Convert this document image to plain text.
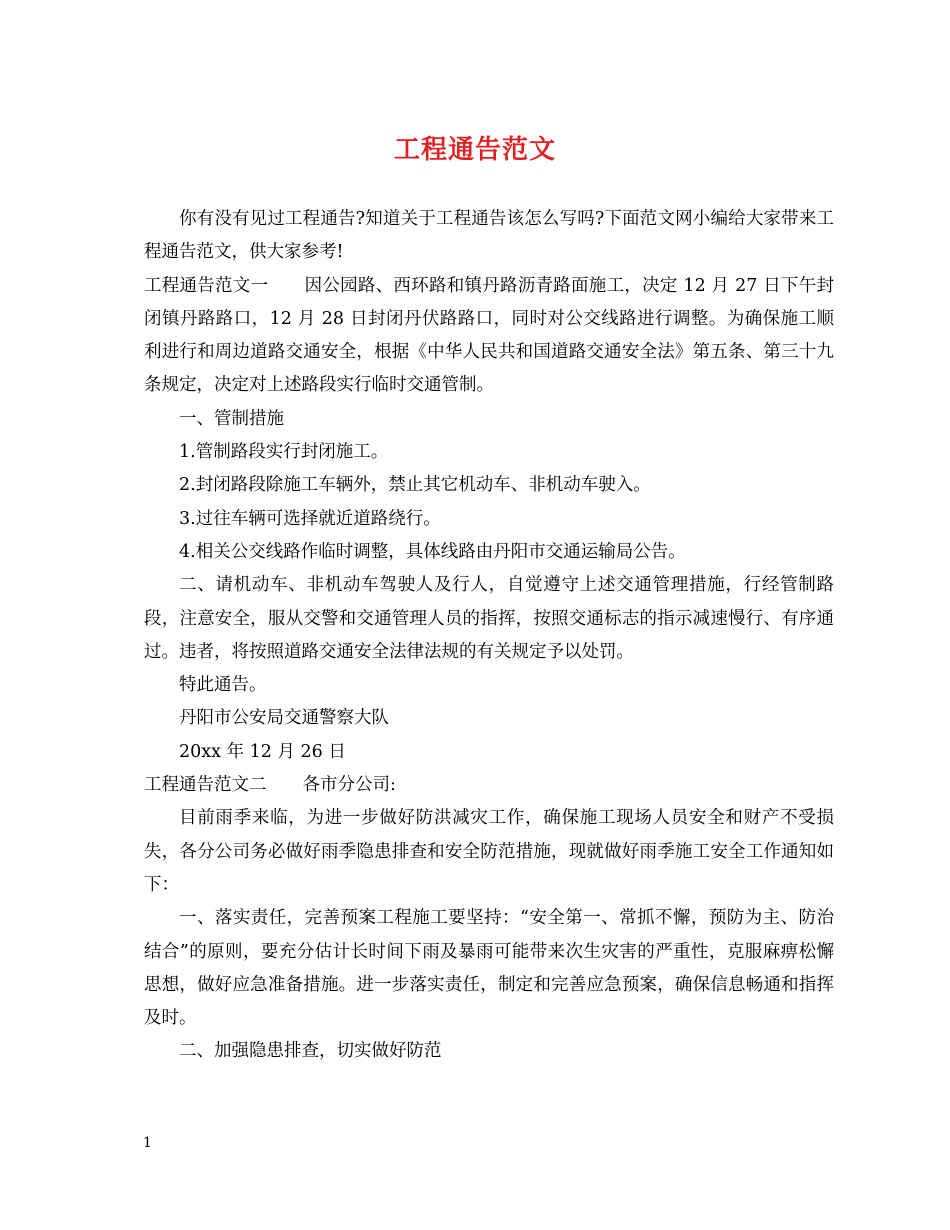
工程通告范文

你有没有见过工程通告?知道关于工程通告该怎么写吗?下面范文网小编给大家带来工程通告范文，供大家参考!

工程通告范文一 因公园路、西环路和镇丹路沥青路面施工，决定 12 月 27 日下午封闭镇丹路路口，12 月 28 日封闭丹伏路路口，同时对公交线路进行调整。为确保施工顺利进行和周边道路交通安全，根据《中华人民共和国道路交通安全法》第五条、第三十九条规定，决定对上述路段实行临时交通管制。

一、管制措施

1.管制路段实行封闭施工。

2.封闭路段除施工车辆外，禁止其它机动车、非机动车驶入。

3.过往车辆可选择就近道路绕行。

4.相关公交线路作临时调整，具体线路由丹阳市交通运输局公告。

二、请机动车、非机动车驾驶人及行人，自觉遵守上述交通管理措施，行经管制路段，注意安全，服从交警和交通管理人员的指挥，按照交通标志的指示减速慢行、有序通过。违者，将按照道路交通安全法律法规的有关规定予以处罚。

特此通告。

丹阳市公安局交通警察大队

20xx 年 12 月 26 日

工程通告范文二 各市分公司:

目前雨季来临，为进一步做好防洪减灾工作，确保施工现场人员安全和财产不受损失，各分公司务必做好雨季隐患排查和安全防范措施，现就做好雨季施工安全工作通知如下：

一、落实责任，完善预案工程施工要坚持：“安全第一、常抓不懈，预防为主、防治结合”的原则，要充分估计长时间下雨及暴雨可能带来次生灾害的严重性，克服麻痹松懈思想，做好应急准备措施。进一步落实责任，制定和完善应急预案，确保信息畅通和指挥及时。

二、加强隐患排查，切实做好防范

1
